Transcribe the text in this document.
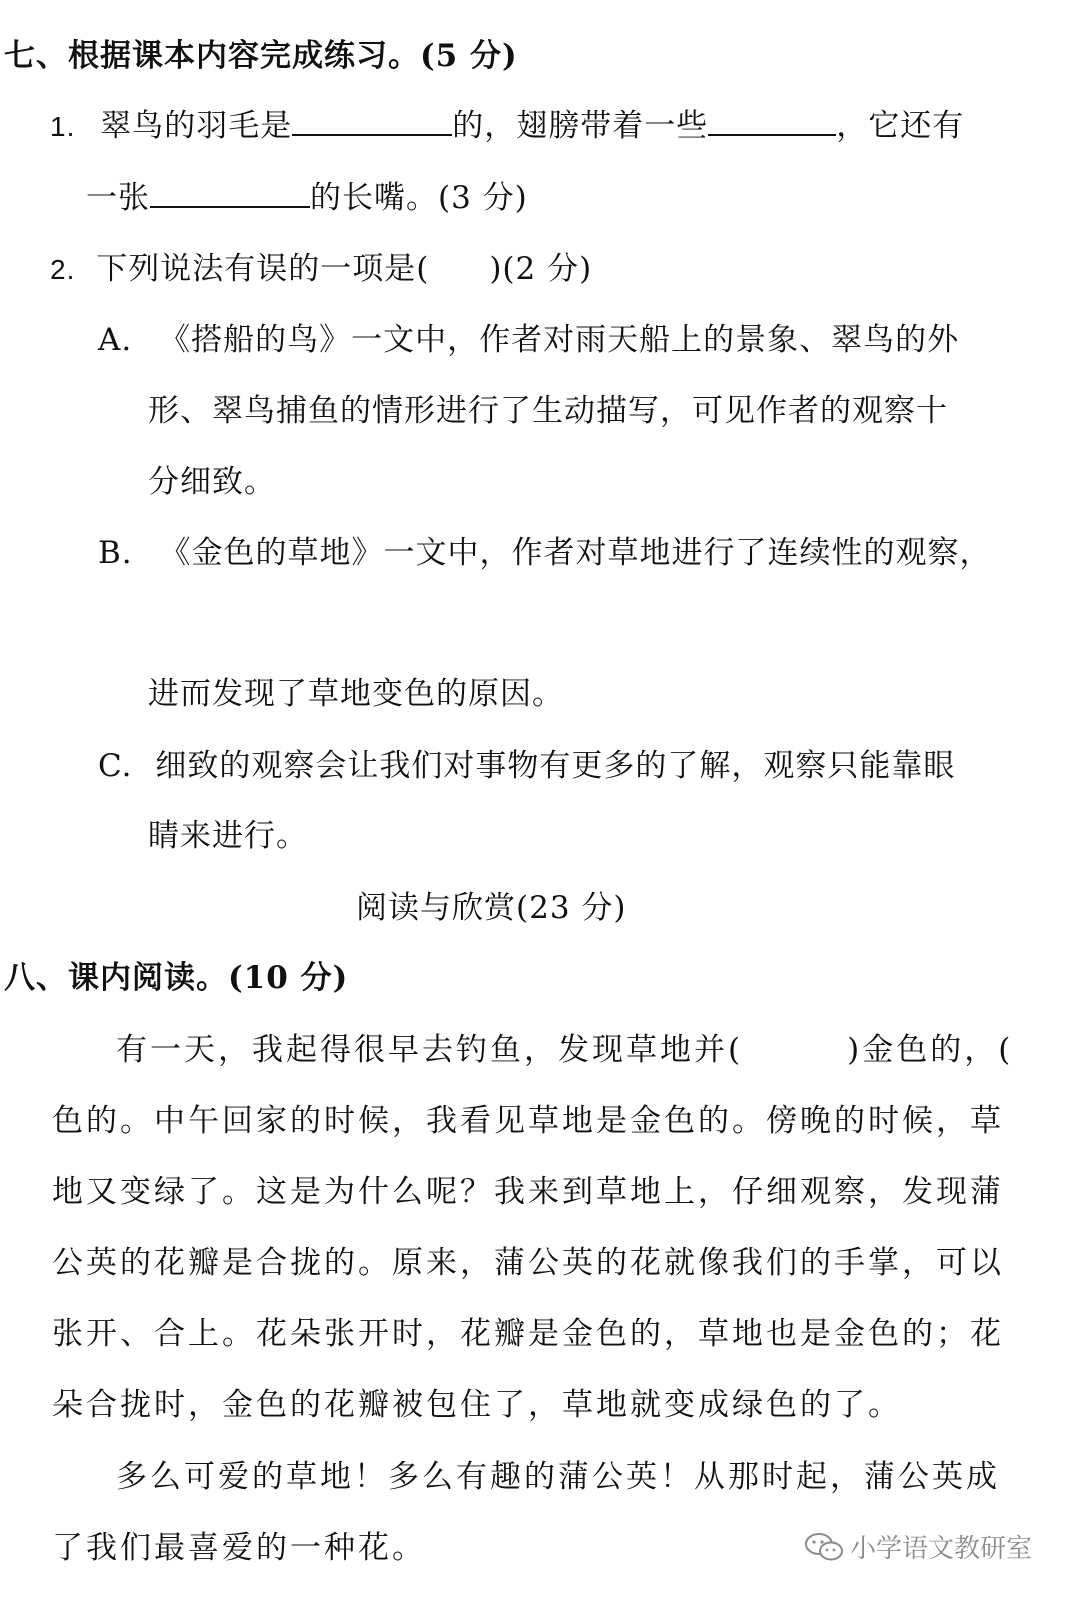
七、根据课本内容完成练习。(5 分)
1. 翠鸟的羽毛是	的，翅膀带着一些	，它还有
一张	的长嘴。(3 分)
2. 下列说法有误的一项是( )(2 分)
A. 《搭船的鸟》一文中，作者对雨天船上的景象、翠鸟的外
形、翠鸟捕鱼的情形进行了生动描写，可见作者的观察十
分细致。
B. 《金色的草地》一文中，作者对草地进行了连续性的观察，
进而发现了草地变色的原因。
C. 细致的观察会让我们对事物有更多的了解，观察只能靠眼
睛来进行。
阅读与欣赏(23 分)
八、课内阅读。(10 分)
有一天，我起得很早去钓鱼，发现草地并(	)金色的，(
色的。中午回家的时候，我看见草地是金色的。傍晚的时候，草
地又变绿了。这是为什么呢？我来到草地上，仔细观察，发现蒲
公英的花瓣是合拢的。原来，蒲公英的花就像我们的手掌，可以
张开、合上。花朵张开时，花瓣是金色的，草地也是金色的；花
朵合拢时，金色的花瓣被包住了，草地就变成绿色的了。
多么可爱的草地！多么有趣的蒲公英！从那时起，蒲公英成
了我们最喜爱的一种花。	小学语文教研室
